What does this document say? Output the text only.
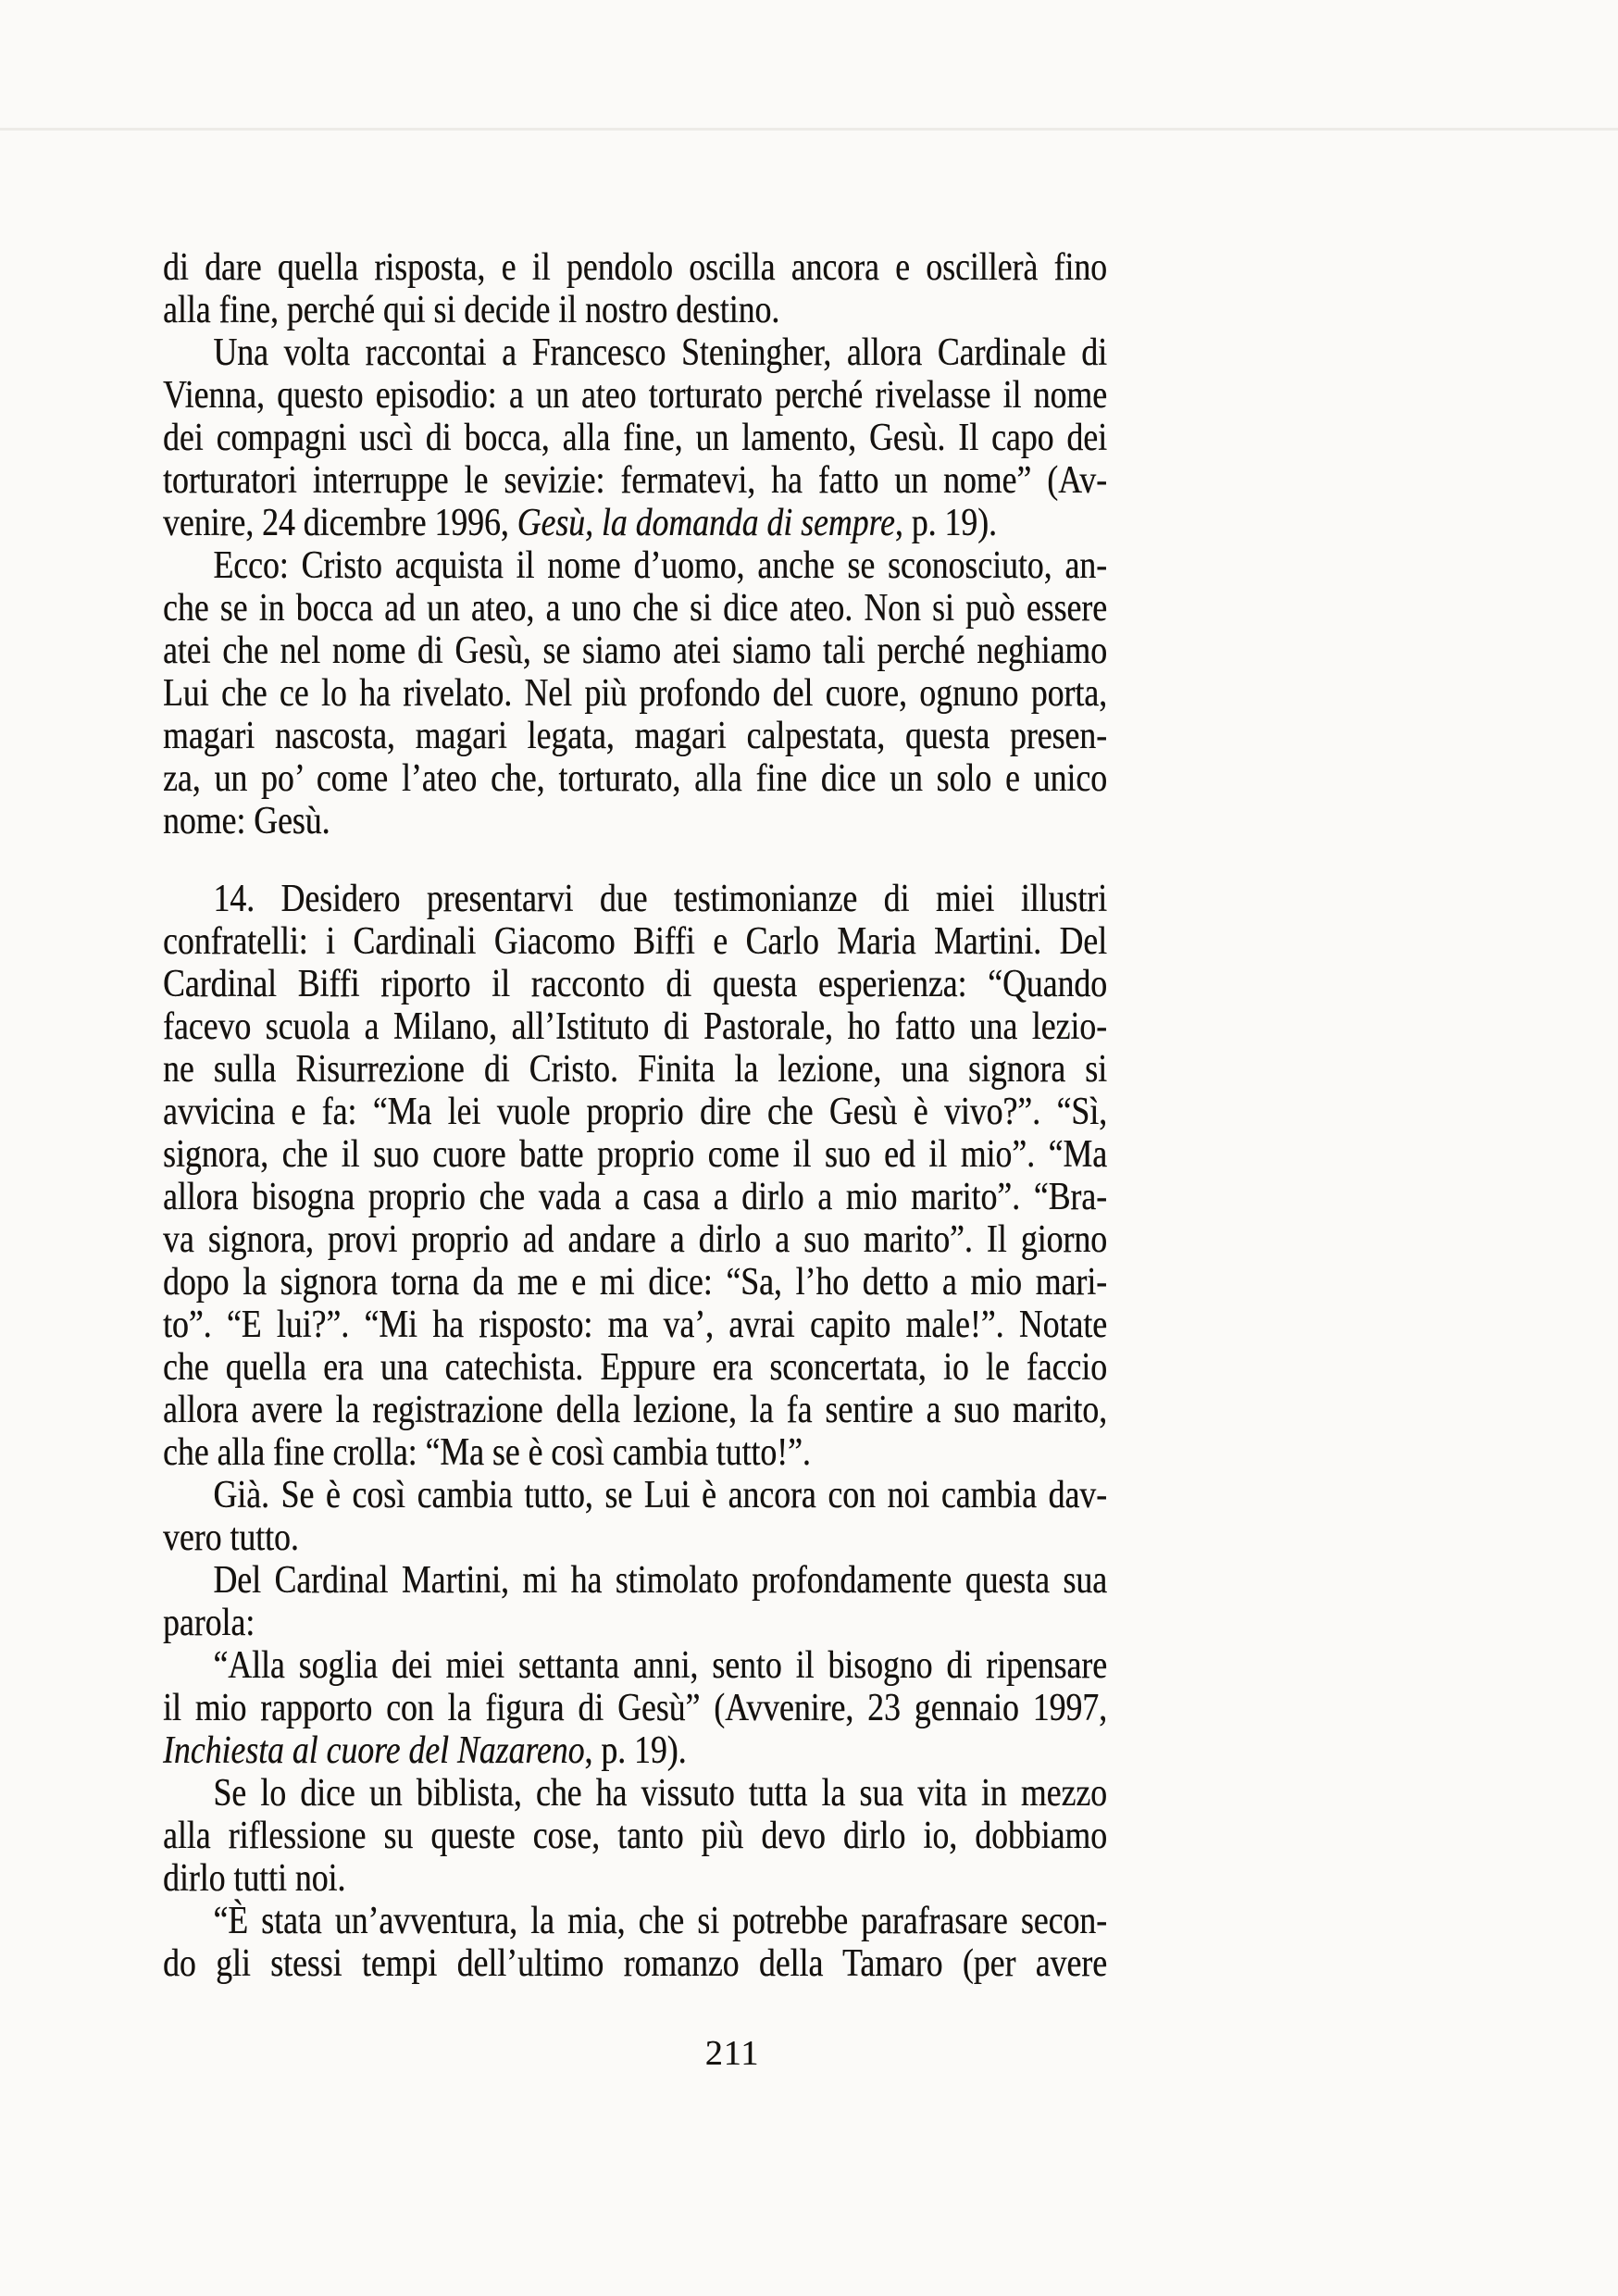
di dare quella risposta, e il pendolo oscilla ancora e oscillerà fino
alla fine, perché qui si decide il nostro destino.
Una volta raccontai a Francesco Steningher, allora Cardinale di
Vienna, questo episodio: a un ateo torturato perché rivelasse il nome
dei compagni uscì di bocca, alla fine, un lamento, Gesù. Il capo dei
torturatori interruppe le sevizie: fermatevi, ha fatto un nome” (Av-
venire, 24 dicembre 1996, Gesù, la domanda di sempre, p. 19).
Ecco: Cristo acquista il nome d’uomo, anche se sconosciuto, an-
che se in bocca ad un ateo, a uno che si dice ateo. Non si può essere
atei che nel nome di Gesù, se siamo atei siamo tali perché neghiamo
Lui che ce lo ha rivelato. Nel più profondo del cuore, ognuno porta,
magari nascosta, magari legata, magari calpestata, questa presen-
za, un po’ come l’ateo che, torturato, alla fine dice un solo e unico
nome: Gesù.
14. Desidero presentarvi due testimonianze di miei illustri
confratelli: i Cardinali Giacomo Biffi e Carlo Maria Martini. Del
Cardinal Biffi riporto il racconto di questa esperienza: “Quando
facevo scuola a Milano, all’Istituto di Pastorale, ho fatto una lezio-
ne sulla Risurrezione di Cristo. Finita la lezione, una signora si
avvicina e fa: “Ma lei vuole proprio dire che Gesù è vivo?”. “Sì,
signora, che il suo cuore batte proprio come il suo ed il mio”. “Ma
allora bisogna proprio che vada a casa a dirlo a mio marito”. “Bra-
va signora, provi proprio ad andare a dirlo a suo marito”. Il giorno
dopo la signora torna da me e mi dice: “Sa, l’ho detto a mio mari-
to”. “E lui?”. “Mi ha risposto: ma va’, avrai capito male!”. Notate
che quella era una catechista. Eppure era sconcertata, io le faccio
allora avere la registrazione della lezione, la fa sentire a suo marito,
che alla fine crolla: “Ma se è così cambia tutto!”.
Già. Se è così cambia tutto, se Lui è ancora con noi cambia dav-
vero tutto.
Del Cardinal Martini, mi ha stimolato profondamente questa sua
parola:
“Alla soglia dei miei settanta anni, sento il bisogno di ripensare
il mio rapporto con la figura di Gesù” (Avvenire, 23 gennaio 1997,
Inchiesta al cuore del Nazareno, p. 19).
Se lo dice un biblista, che ha vissuto tutta la sua vita in mezzo
alla riflessione su queste cose, tanto più devo dirlo io, dobbiamo
dirlo tutti noi.
“È stata un’avventura, la mia, che si potrebbe parafrasare secon-
do gli stessi tempi dell’ultimo romanzo della Tamaro (per avere
211
